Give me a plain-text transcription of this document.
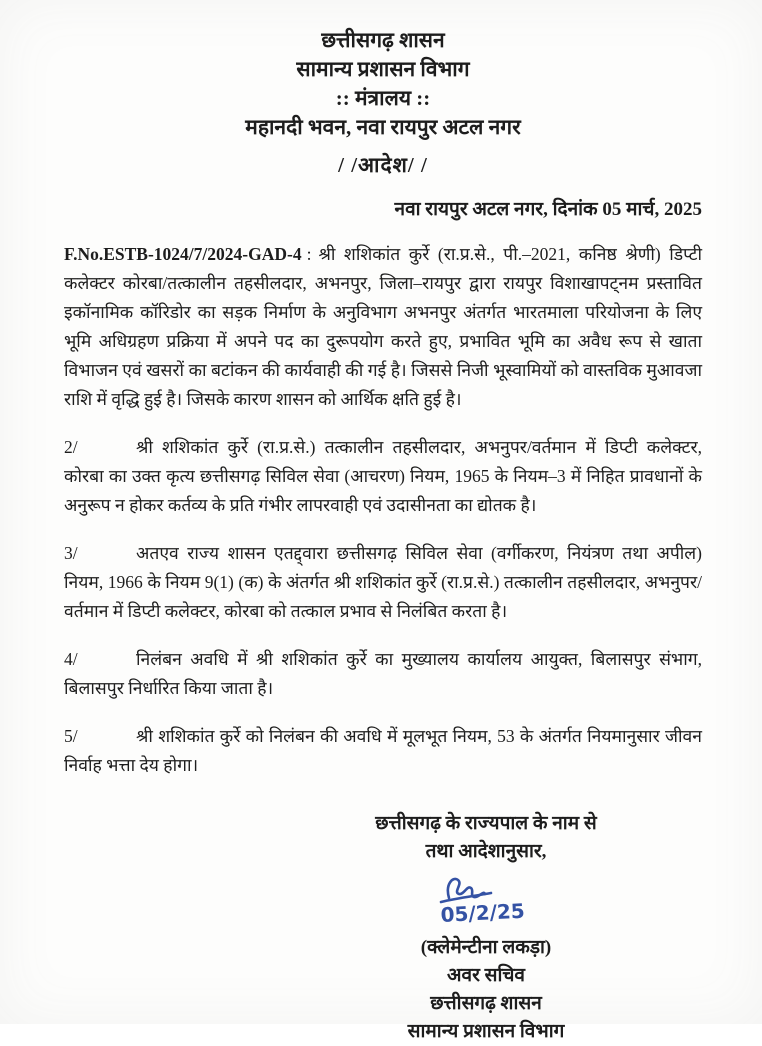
छत्तीसगढ़ शासन
सामान्य प्रशासन विभाग
:: मंत्रालय ::
महानदी भवन, नवा रायपुर अटल नगर
/ /आदेश/ /
नवा रायपुर अटल नगर, दिनांक 05 मार्च, 2025

F.No.ESTB-1024/7/2024-GAD-4 : श्री शशिकांत कुर्रे (रा.प्र.से., पी.–2021, कनिष्ठ श्रेणी) डिप्टी कलेक्टर कोरबा/तत्कालीन तहसीलदार, अभनपुर, जिला–रायपुर द्वारा रायपुर विशाखापट्नम प्रस्तावित इकॉनामिक कॉरिडोर का सड़क निर्माण के अनुविभाग अभनपुर अंतर्गत भारतमाला परियोजना के लिए भूमि अधिग्रहण प्रक्रिया में अपने पद का दुरूपयोग करते हुए, प्रभावित भूमि का अवैध रूप से खाता विभाजन एवं खसरों का बटांकन की कार्यवाही की गई है। जिससे निजी भूस्वामियों को वास्तविक मुआवजा राशि में वृद्धि हुई है। जिसके कारण शासन को आर्थिक क्षति हुई है।

2/	श्री शशिकांत कुर्रे (रा.प्र.से.) तत्कालीन तहसीलदार, अभनुपर/वर्तमान में डिप्टी कलेक्टर, कोरबा का उक्त कृत्य छत्तीसगढ़ सिविल सेवा (आचरण) नियम, 1965 के नियम–3 में निहित प्रावधानों के अनुरूप न होकर कर्तव्य के प्रति गंभीर लापरवाही एवं उदासीनता का द्योतक है।

3/	अतएव राज्य शासन एतद्द्वारा छत्तीसगढ़ सिविल सेवा (वर्गीकरण, नियंत्रण तथा अपील) नियम, 1966 के नियम 9(1) (क) के अंतर्गत श्री शशिकांत कुर्रे (रा.प्र.से.) तत्कालीन तहसीलदार, अभनुपर/वर्तमान में डिप्टी कलेक्टर, कोरबा को तत्काल प्रभाव से निलंबित करता है।

4/	निलंबन अवधि में श्री शशिकांत कुर्रे का मुख्यालय कार्यालय आयुक्त, बिलासपुर संभाग, बिलासपुर निर्धारित किया जाता है।

5/	श्री शशिकांत कुर्रे को निलंबन की अवधि में मूलभूत नियम, 53 के अंतर्गत नियमानुसार जीवन निर्वाह भत्ता देय होगा।

छत्तीसगढ़ के राज्यपाल के नाम से
तथा आदेशानुसार,
05/2/25
(क्लेमेन्टीना लकड़ा)
अवर सचिव
छत्तीसगढ़ शासन
सामान्य प्रशासन विभाग
